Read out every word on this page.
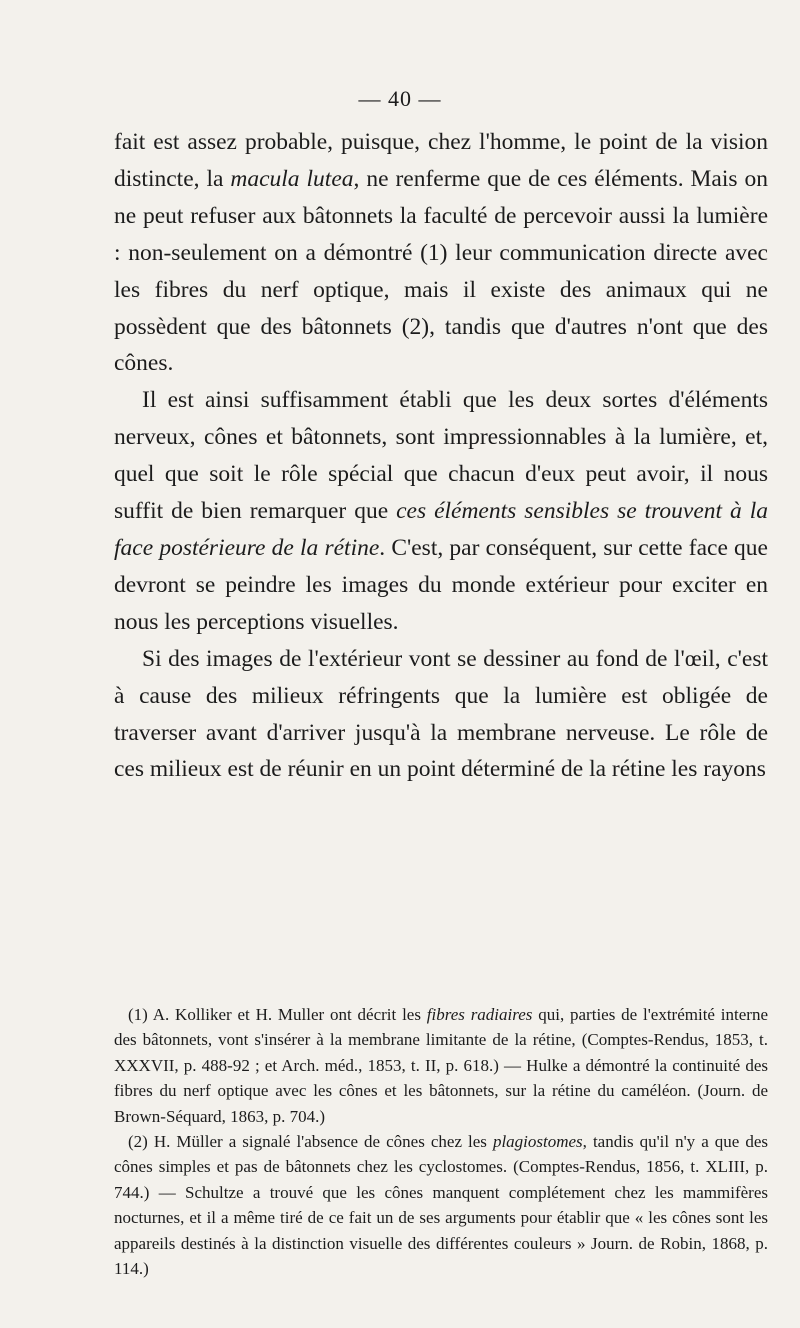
— 40 —

fait est assez probable, puisque, chez l'homme, le point de la vision distincte, la macula lutea, ne renferme que de ces éléments. Mais on ne peut refuser aux bâtonnets la faculté de percevoir aussi la lumière : non-seulement on a démontré (1) leur communication directe avec les fibres du nerf optique, mais il existe des animaux qui ne possèdent que des bâtonnets (2), tandis que d'autres n'ont que des cônes.

Il est ainsi suffisamment établi que les deux sortes d'éléments nerveux, cônes et bâtonnets, sont impressionnables à la lumière, et, quel que soit le rôle spécial que chacun d'eux peut avoir, il nous suffit de bien remarquer que ces éléments sensibles se trouvent à la face postérieure de la rétine. C'est, par conséquent, sur cette face que devront se peindre les images du monde extérieur pour exciter en nous les perceptions visuelles.

Si des images de l'extérieur vont se dessiner au fond de l'œil, c'est à cause des milieux réfringents que la lumière est obligée de traverser avant d'arriver jusqu'à la membrane nerveuse. Le rôle de ces milieux est de réunir en un point déterminé de la rétine les rayons

(1) A. Kolliker et H. Muller ont décrit les fibres radiaires qui, parties de l'extrémité interne des bâtonnets, vont s'insérer à la membrane limitante de la rétine, (Comptes-Rendus, 1853, t. XXXVII, p. 488-92 ; et Arch. méd., 1853, t. II, p. 618.) — Hulke a démontré la continuité des fibres du nerf optique avec les cônes et les bâtonnets, sur la rétine du caméléon. (Journ. de Brown-Séquard, 1863, p. 704.)

(2) H. Müller a signalé l'absence de cônes chez les plagiostomes, tandis qu'il n'y a que des cônes simples et pas de bâtonnets chez les cyclostomes. (Comptes-Rendus, 1856, t. XLIII, p. 744.) — Schultze a trouvé que les cônes manquent complétement chez les mammifères nocturnes, et il a même tiré de ce fait un de ses arguments pour établir que « les cônes sont les appareils destinés à la distinction visuelle des différentes couleurs » Journ. de Robin, 1868, p. 114.)
